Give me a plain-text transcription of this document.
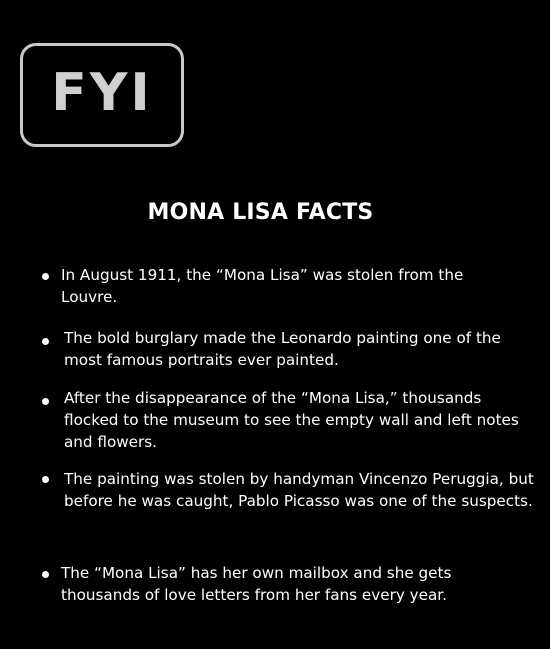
FYI
MONA LISA FACTS
In August 1911, the “Mona Lisa” was stolen from the Louvre.
The bold burglary made the Leonardo painting one of the most famous portraits ever painted.
After the disappearance of the “Mona Lisa,” thousands flocked to the museum to see the empty wall and left notes and flowers.
The painting was stolen by handyman Vincenzo Peruggia, but before he was caught, Pablo Picasso was one of the suspects.
The “Mona Lisa” has her own mailbox and she gets thousands of love letters from her fans every year.
